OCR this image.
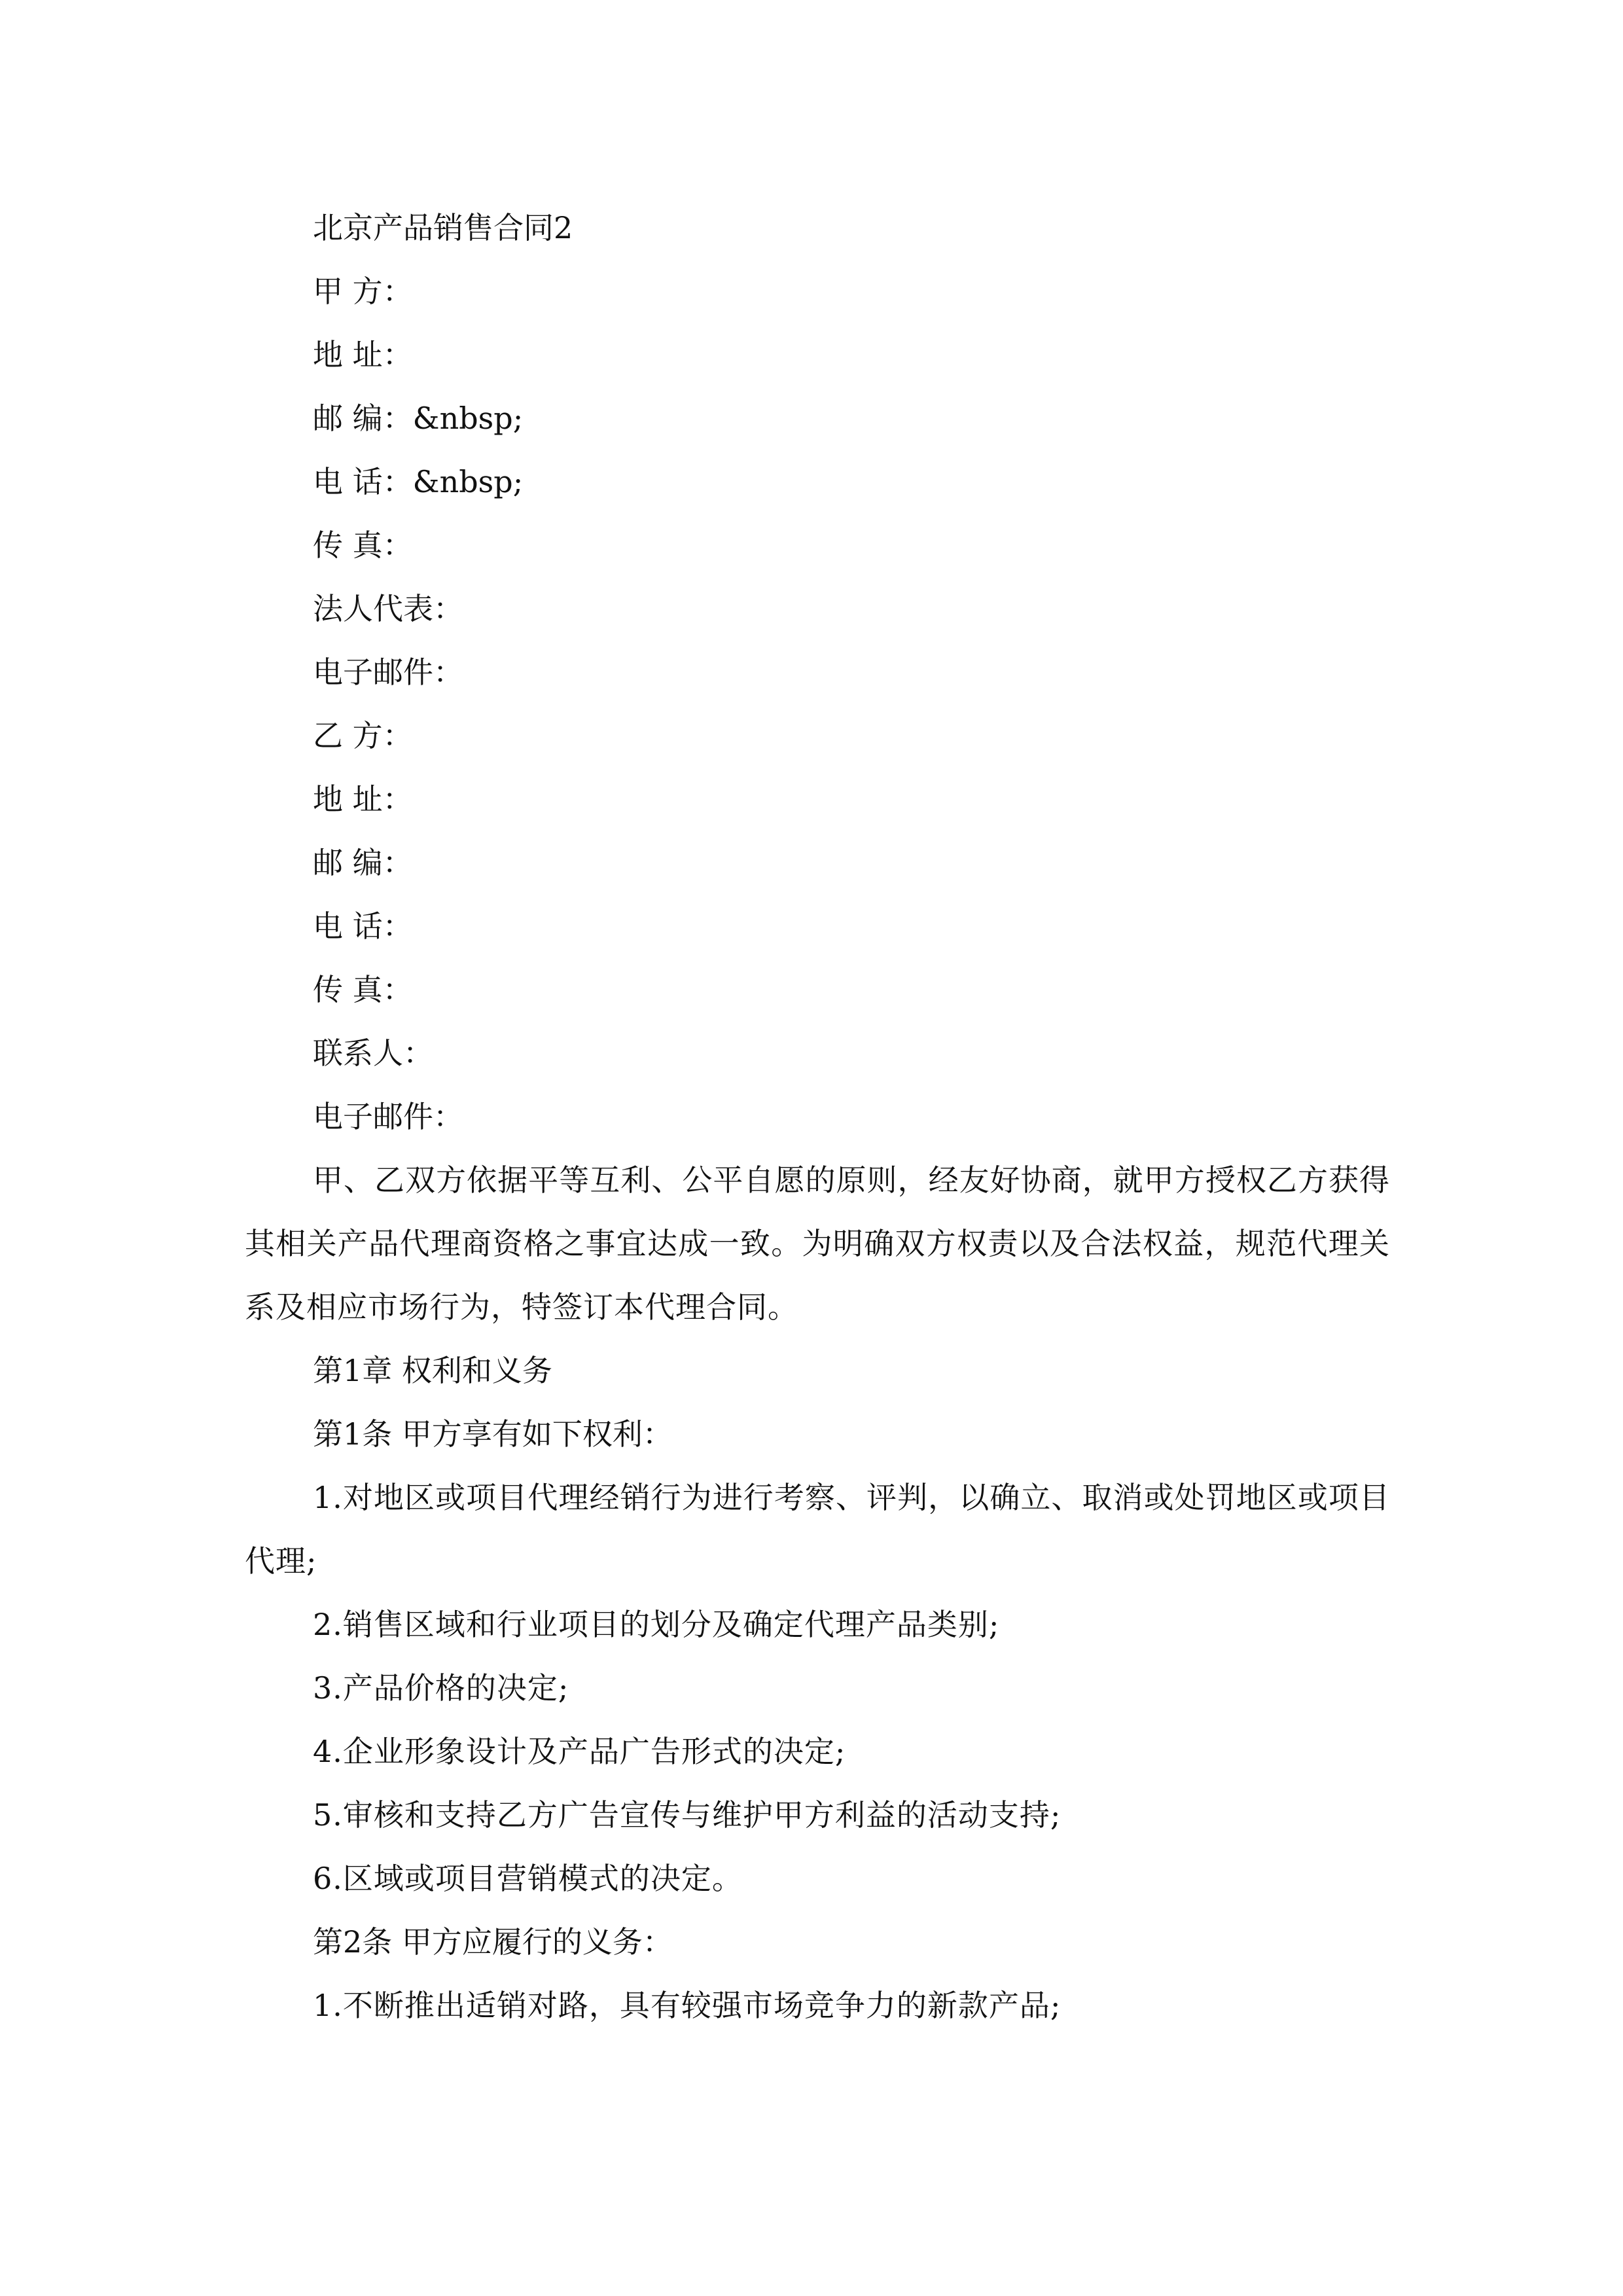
北京产品销售合同2
甲 方：
地 址：
邮 编：&nbsp;
电 话：&nbsp;
传 真：
法人代表：
电子邮件：
乙 方：
地 址：
邮 编：
电 话：
传 真：
联系人：
电子邮件：
甲、乙双方依据平等互利、公平自愿的原则，经友好协商，就甲方授权乙方获得其相关产品代理商资格之事宜达成一致。为明确双方权责以及合法权益，规范代理关系及相应市场行为，特签订本代理合同。
第1章 权利和义务
第1条 甲方享有如下权利：
1.对地区或项目代理经销行为进行考察、评判，以确立、取消或处罚地区或项目代理;
2.销售区域和行业项目的划分及确定代理产品类别;
3.产品价格的决定;
4.企业形象设计及产品广告形式的决定;
5.审核和支持乙方广告宣传与维护甲方利益的活动支持;
6.区域或项目营销模式的决定。
第2条 甲方应履行的义务：
1.不断推出适销对路，具有较强市场竞争力的新款产品;
